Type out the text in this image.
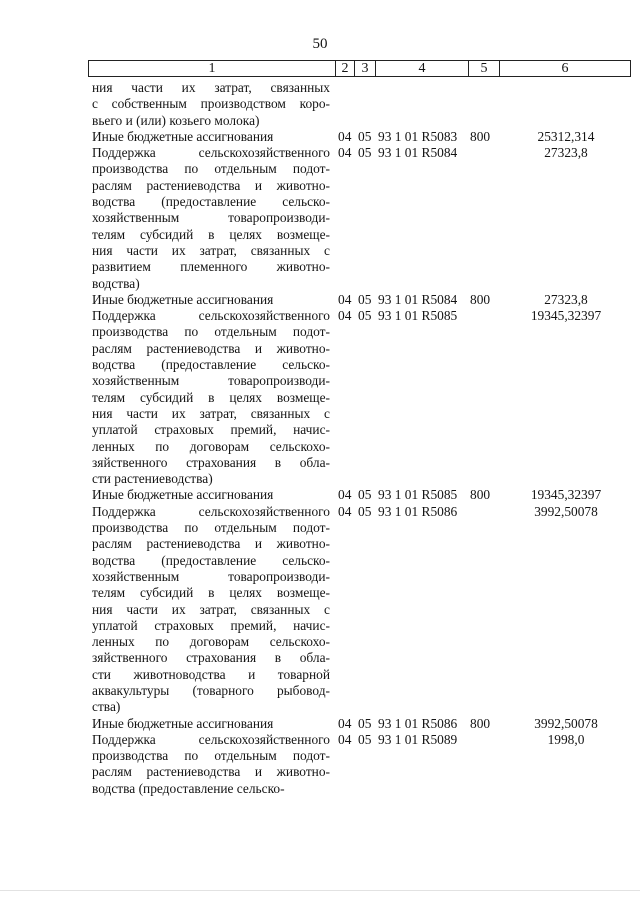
50
1	2 3	4	5	6
ния части их затрат, связанных
с собственным производством коро-
вьего и (или) козьего молока)
Иные бюджетные ассигнования	04 05 93 1 01 R5083 800	25312,314
Поддержка сельскохозяйственного
производства по отдельным подот-
раслям растениеводства и животно-
водства (предоставление сельско-
хозяйственным товаропроизводи-
телям субсидий в целях возмеще-
ния части их затрат, связанных с
развитием племенного животно-
водства)
04 05 93 1 01 R5084	27323,8
Иные бюджетные ассигнования	04 05 93 1 01 R5084 800	27323,8
Поддержка сельскохозяйственного
производства по отдельным подот-
раслям растениеводства и животно-
водства (предоставление сельско-
хозяйственным товаропроизводи-
телям субсидий в целях возмеще-
ния части их затрат, связанных с
уплатой страховых премий, начис-
ленных по договорам сельскохо-
зяйственного страхования в обла-
сти растениеводства)
04 05 93 1 01 R5085	19345,32397
Иные бюджетные ассигнования	04 05 93 1 01 R5085 800	19345,32397
Поддержка сельскохозяйственного
производства по отдельным подот-
раслям растениеводства и животно-
водства (предоставление сельско-
хозяйственным товаропроизводи-
телям субсидий в целях возмеще-
ния части их затрат, связанных с
уплатой страховых премий, начис-
ленных по договорам сельскохо-
зяйственного страхования в обла-
сти животноводства и товарной
аквакультуры (товарного рыбовод-
ства)
04 05 93 1 01 R5086	3992,50078
Иные бюджетные ассигнования	04 05 93 1 01 R5086 800	3992,50078
Поддержка сельскохозяйственного
производства по отдельным подот-
раслям растениеводства и животно-
водства (предоставление сельско-
04 05 93 1 01 R5089	1998,0
